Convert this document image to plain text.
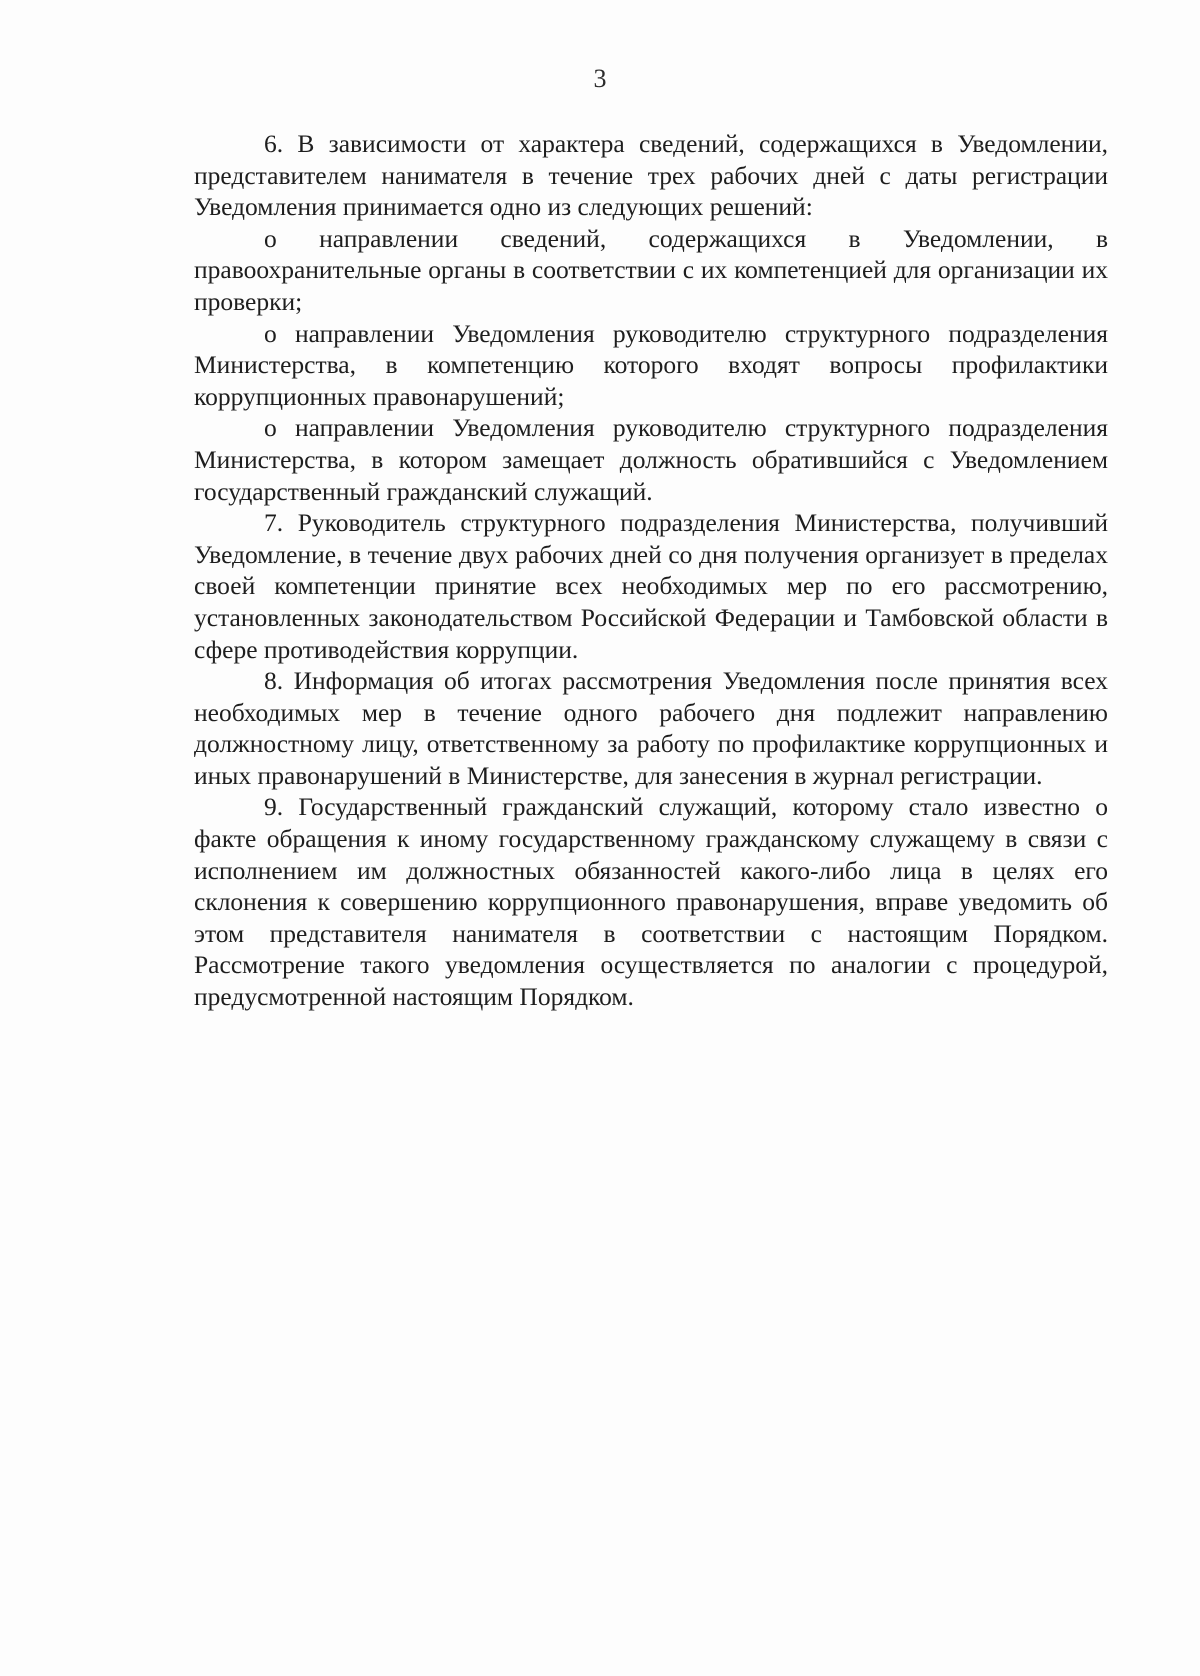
3

6. В зависимости от характера сведений, содержащихся в Уведомлении, представителем нанимателя в течение трех рабочих дней с даты регистрации Уведомления принимается одно из следующих решений:

о направлении сведений, содержащихся в Уведомлении, в правоохранительные органы в соответствии с их компетенцией для организации их проверки;

о направлении Уведомления руководителю структурного подразделения Министерства, в компетенцию которого входят вопросы профилактики коррупционных правонарушений;

о направлении Уведомления руководителю структурного подразделения Министерства, в котором замещает должность обратившийся с Уведомлением государственный гражданский служащий.

7. Руководитель структурного подразделения Министерства, получивший Уведомление, в течение двух рабочих дней со дня получения организует в пределах своей компетенции принятие всех необходимых мер по его рассмотрению, установленных законодательством Российской Федерации и Тамбовской области в сфере противодействия коррупции.

8. Информация об итогах рассмотрения Уведомления после принятия всех необходимых мер в течение одного рабочего дня подлежит направлению должностному лицу, ответственному за работу по профилактике коррупционных и иных правонарушений в Министерстве, для занесения в журнал регистрации.

9. Государственный гражданский служащий, которому стало известно о факте обращения к иному государственному гражданскому служащему в связи с исполнением им должностных обязанностей какого-либо лица в целях его склонения к совершению коррупционного правонарушения, вправе уведомить об этом представителя нанимателя в соответствии с настоящим Порядком. Рассмотрение такого уведомления осуществляется по аналогии с процедурой, предусмотренной настоящим Порядком.
